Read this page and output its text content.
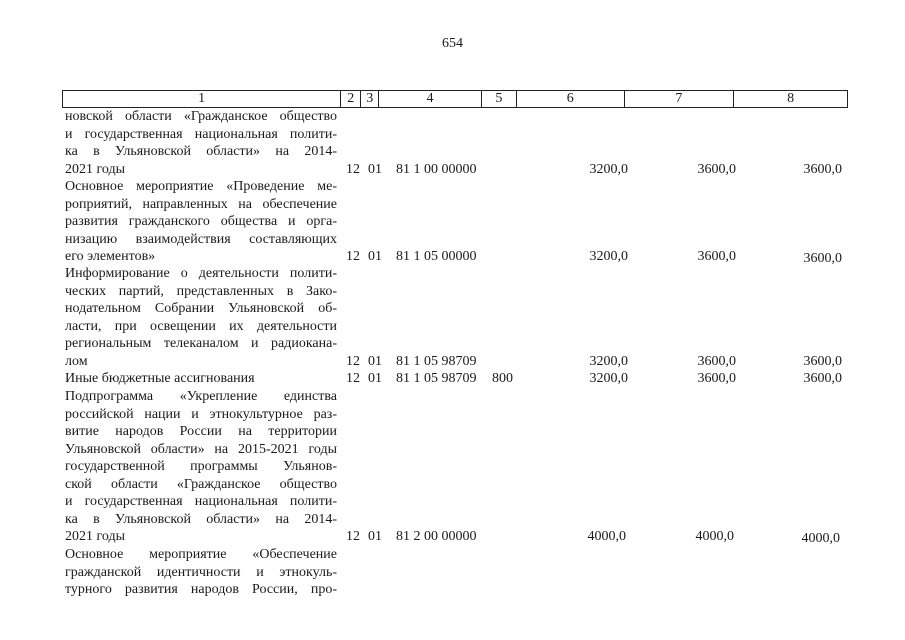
654
1	2 3	4	5	6	7	8
новской области «Гражданское общество
и государственная национальная полити-
ка в Ульяновской области» на 2014-
2021 годы	12 01 81 1 00 00000	3200,0	3600,0	3600,0
Основное мероприятие «Проведение ме-
роприятий, направленных на обеспечение
развития гражданского общества и орга-
низацию взаимодействия составляющих
его элементов»	12 01 81 1 05 00000	3200,0	3600,0	3600,0
Информирование о деятельности полити-
ческих партий, представленных в Зако-
нодательном Собрании Ульяновской об-
ласти, при освещении их деятельности
региональным телеканалом и радиокана-
лом	12 01 81 1 05 98709	3200,0	3600,0	3600,0
Иные бюджетные ассигнования	12 01 81 1 05 98709 800	3200,0	3600,0	3600,0
Подпрограмма «Укрепление единства
российской нации и этнокультурное раз-
витие народов России на территории
Ульяновской области» на 2015-2021 годы
государственной программы Ульянов-
ской области «Гражданское общество
и государственная национальная полити-
ка в Ульяновской области» на 2014-
2021 годы	12 01 81 2 00 00000	4000,0	4000,0	4000,0
Основное мероприятие «Обеспечение
гражданской идентичности и этнокуль-
турного развития народов России, про-
